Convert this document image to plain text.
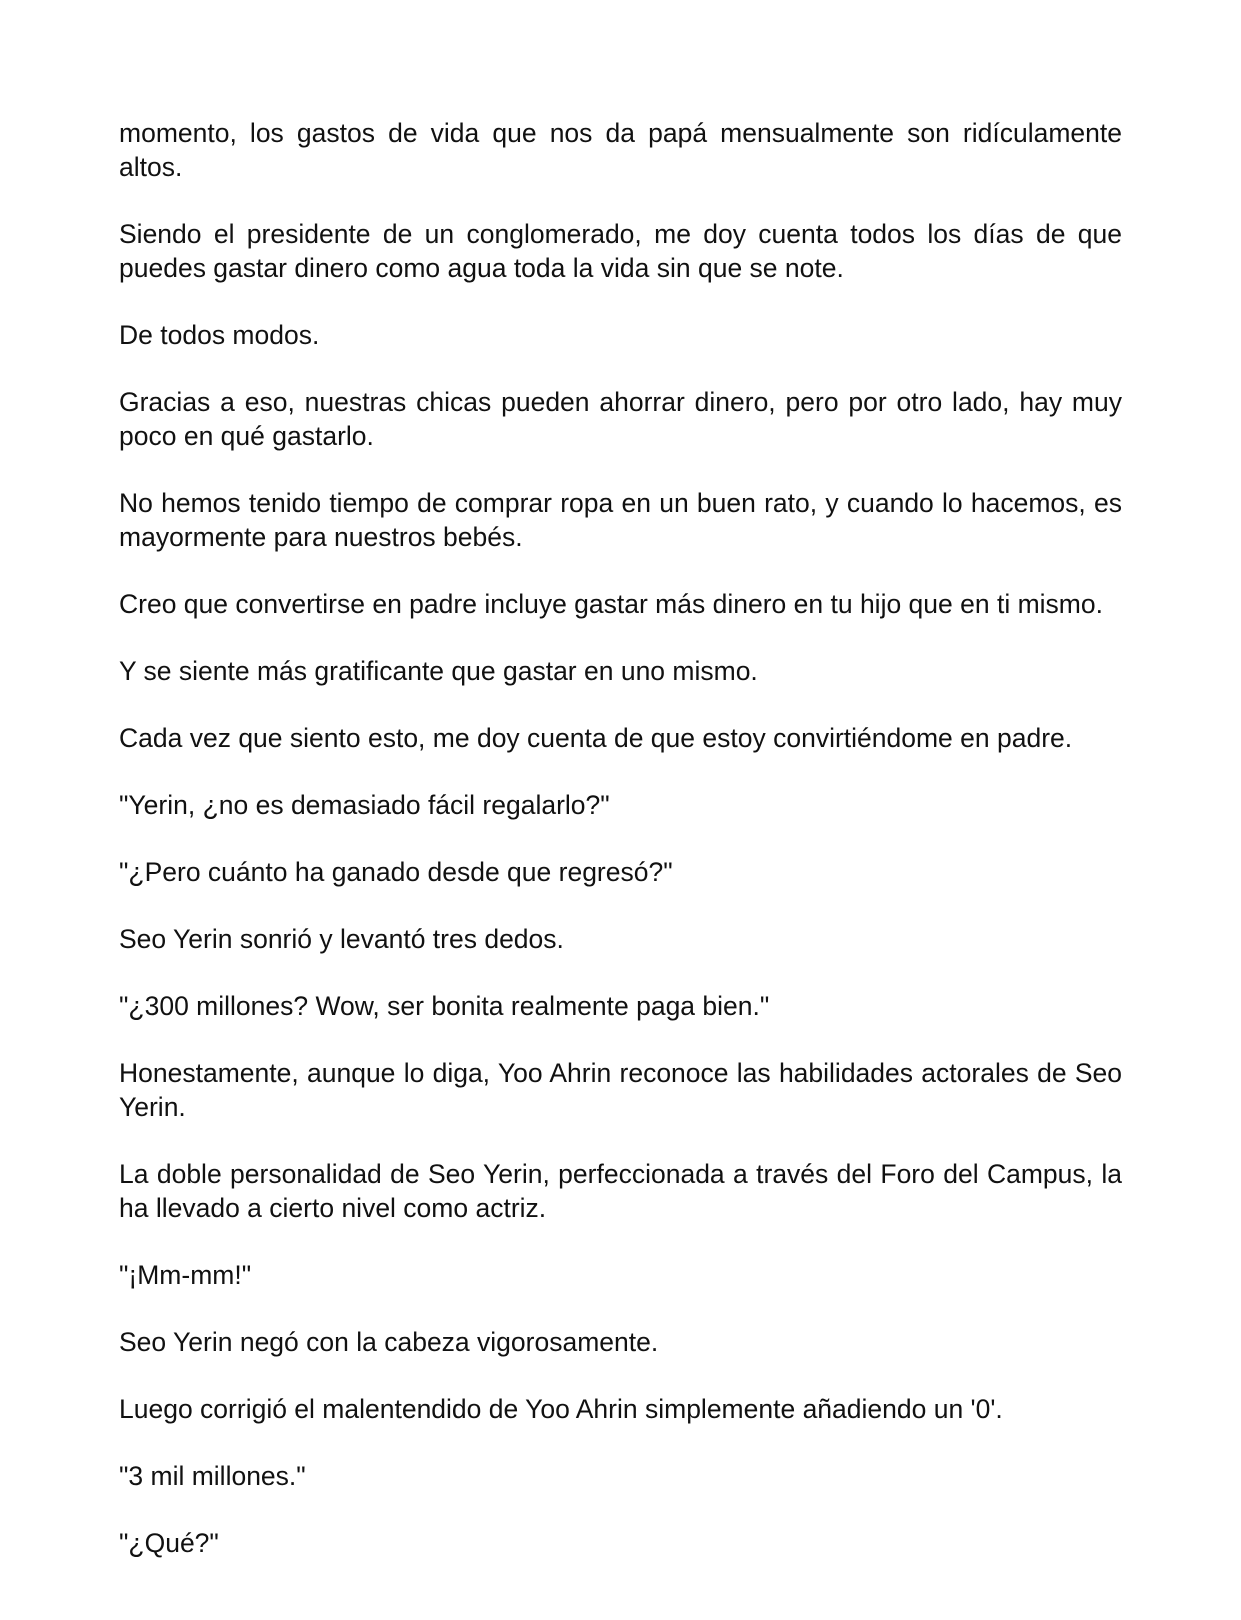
momento, los gastos de vida que nos da papá mensualmente son ridículamente altos.

Siendo el presidente de un conglomerado, me doy cuenta todos los días de que puedes gastar dinero como agua toda la vida sin que se note.

De todos modos.

Gracias a eso, nuestras chicas pueden ahorrar dinero, pero por otro lado, hay muy poco en qué gastarlo.

No hemos tenido tiempo de comprar ropa en un buen rato, y cuando lo hacemos, es mayormente para nuestros bebés.

Creo que convertirse en padre incluye gastar más dinero en tu hijo que en ti mismo.

Y se siente más gratificante que gastar en uno mismo.

Cada vez que siento esto, me doy cuenta de que estoy convirtiéndome en padre.

"Yerin, ¿no es demasiado fácil regalarlo?"

"¿Pero cuánto ha ganado desde que regresó?"

Seo Yerin sonrió y levantó tres dedos.

"¿300 millones? Wow, ser bonita realmente paga bien."

Honestamente, aunque lo diga, Yoo Ahrin reconoce las habilidades actorales de Seo Yerin.

La doble personalidad de Seo Yerin, perfeccionada a través del Foro del Campus, la ha llevado a cierto nivel como actriz.

"¡Mm-mm!"

Seo Yerin negó con la cabeza vigorosamente.

Luego corrigió el malentendido de Yoo Ahrin simplemente añadiendo un '0'.

"3 mil millones."

"¿Qué?"
